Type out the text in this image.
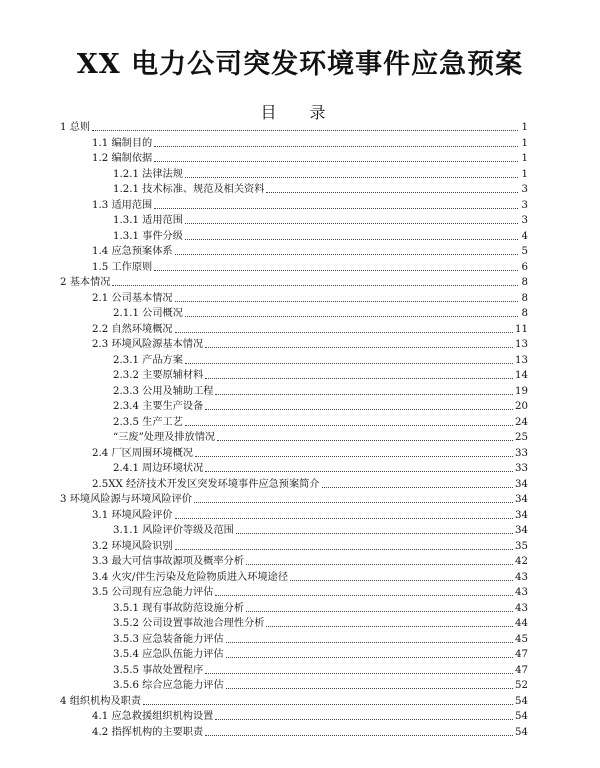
XX 电力公司突发环境事件应急预案
目 录
1 总则	1
1.1 编制目的	1
1.2 编制依据	1
1.2.1 法律法规	1
1.2.1 技术标准、规范及相关资料	3
1.3 适用范围	3
1.3.1 适用范围	3
1.3.1 事件分级	4
1.4 应急预案体系	5
1.5 工作原则	6
2 基本情况	8
2.1 公司基本情况	8
2.1.1 公司概况	8
2.2 自然环境概况	11
2.3 环境风险源基本情况	13
2.3.1 产品方案	13
2.3.2 主要原辅材料	14
2.3.3 公用及辅助工程	19
2.3.4 主要生产设备	20
2.3.5 生产工艺	24
“三废”处理及排放情况	25
2.4 厂区周围环境概况	33
2.4.1 周边环境状况	33
2.5XX 经济技术开发区突发环境事件应急预案简介	34
3 环境风险源与环境风险评价	34
3.1 环境风险评价	34
3.1.1 风险评价等级及范围	34
3.2 环境风险识别	35
3.3 最大可信事故源项及概率分析	42
3.4 火灾/伴生污染及危险物质进入环境途径	43
3.5 公司现有应急能力评估	43
3.5.1 现有事故防范设施分析	43
3.5.2 公司设置事故池合理性分析	44
3.5.3 应急装备能力评估	45
3.5.4 应急队伍能力评估	47
3.5.5 事故处置程序	47
3.5.6 综合应急能力评估	52
4 组织机构及职责	54
4.1 应急救援组织机构设置	54
4.2 指挥机构的主要职责	54
